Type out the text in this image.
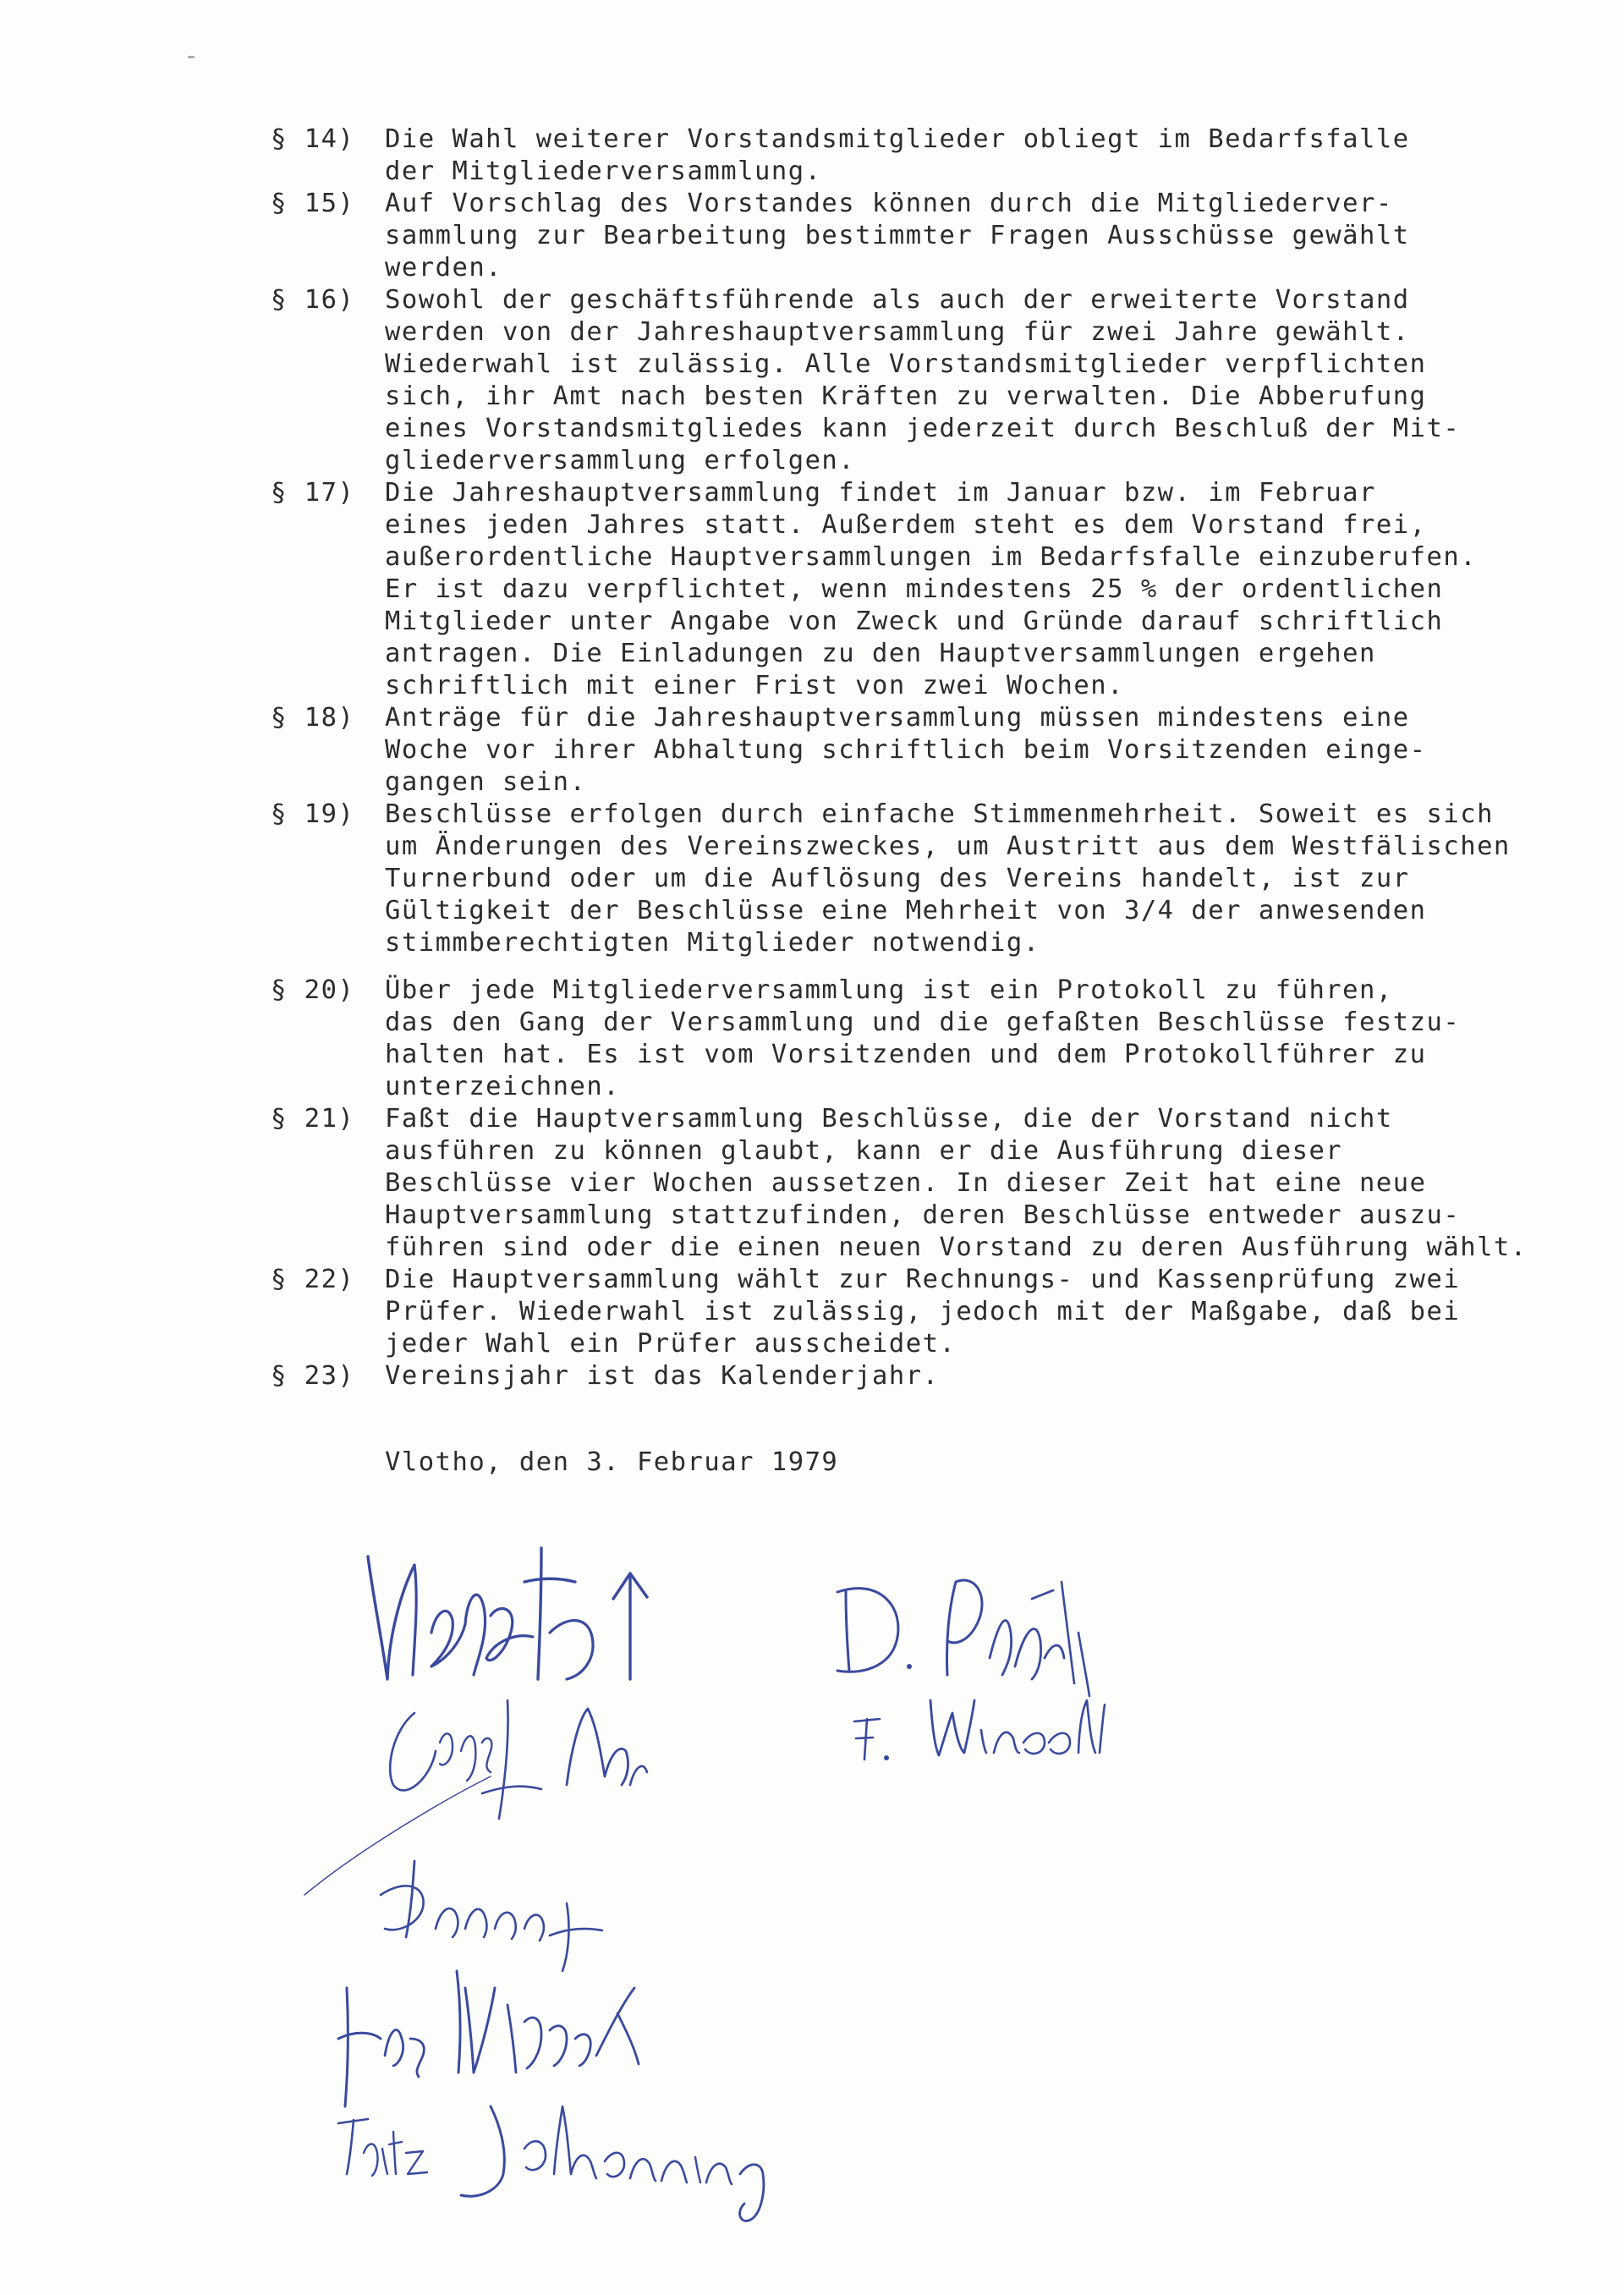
§ 14)	Die Wahl weiterer Vorstandsmitglieder obliegt im Bedarfsfalle
der Mitgliederversammlung.
§ 15)	Auf Vorschlag des Vorstandes können durch die Mitgliederver-
sammlung zur Bearbeitung bestimmter Fragen Ausschüsse gewählt
werden.
§ 16)	Sowohl der geschäftsführende als auch der erweiterte Vorstand
werden von der Jahreshauptversammlung für zwei Jahre gewählt.
Wiederwahl ist zulässig. Alle Vorstandsmitglieder verpflichten
sich, ihr Amt nach besten Kräften zu verwalten. Die Abberufung
eines Vorstandsmitgliedes kann jederzeit durch Beschluß der Mit-
gliederversammlung erfolgen.
§ 17)	Die Jahreshauptversammlung findet im Januar bzw. im Februar
eines jeden Jahres statt. Außerdem steht es dem Vorstand frei,
außerordentliche Hauptversammlungen im Bedarfsfalle einzuberufen.
Er ist dazu verpflichtet, wenn mindestens 25 % der ordentlichen
Mitglieder unter Angabe von Zweck und Gründe darauf schriftlich
antragen. Die Einladungen zu den Hauptversammlungen ergehen
schriftlich mit einer Frist von zwei Wochen.
§ 18)	Anträge für die Jahreshauptversammlung müssen mindestens eine
Woche vor ihrer Abhaltung schriftlich beim Vorsitzenden einge-
gangen sein.
§ 19)	Beschlüsse erfolgen durch einfache Stimmenmehrheit. Soweit es sich
um Änderungen des Vereinszweckes, um Austritt aus dem Westfälischen
Turnerbund oder um die Auflösung des Vereins handelt, ist zur
Gültigkeit der Beschlüsse eine Mehrheit von 3/4 der anwesenden
stimmberechtigten Mitglieder notwendig.
§ 20)	Über jede Mitgliederversammlung ist ein Protokoll zu führen,
das den Gang der Versammlung und die gefaßten Beschlüsse festzu-
halten hat. Es ist vom Vorsitzenden und dem Protokollführer zu
unterzeichnen.
§ 21)	Faßt die Hauptversammlung Beschlüsse, die der Vorstand nicht
ausführen zu können glaubt, kann er die Ausführung dieser
Beschlüsse vier Wochen aussetzen. In dieser Zeit hat eine neue
Hauptversammlung stattzufinden, deren Beschlüsse entweder auszu-
führen sind oder die einen neuen Vorstand zu deren Ausführung wählt.
§ 22)	Die Hauptversammlung wählt zur Rechnungs- und Kassenprüfung zwei
Prüfer. Wiederwahl ist zulässig, jedoch mit der Maßgabe, daß bei
jeder Wahl ein Prüfer ausscheidet.
§ 23)	Vereinsjahr ist das Kalenderjahr.
Vlotho, den 3. Februar 1979
